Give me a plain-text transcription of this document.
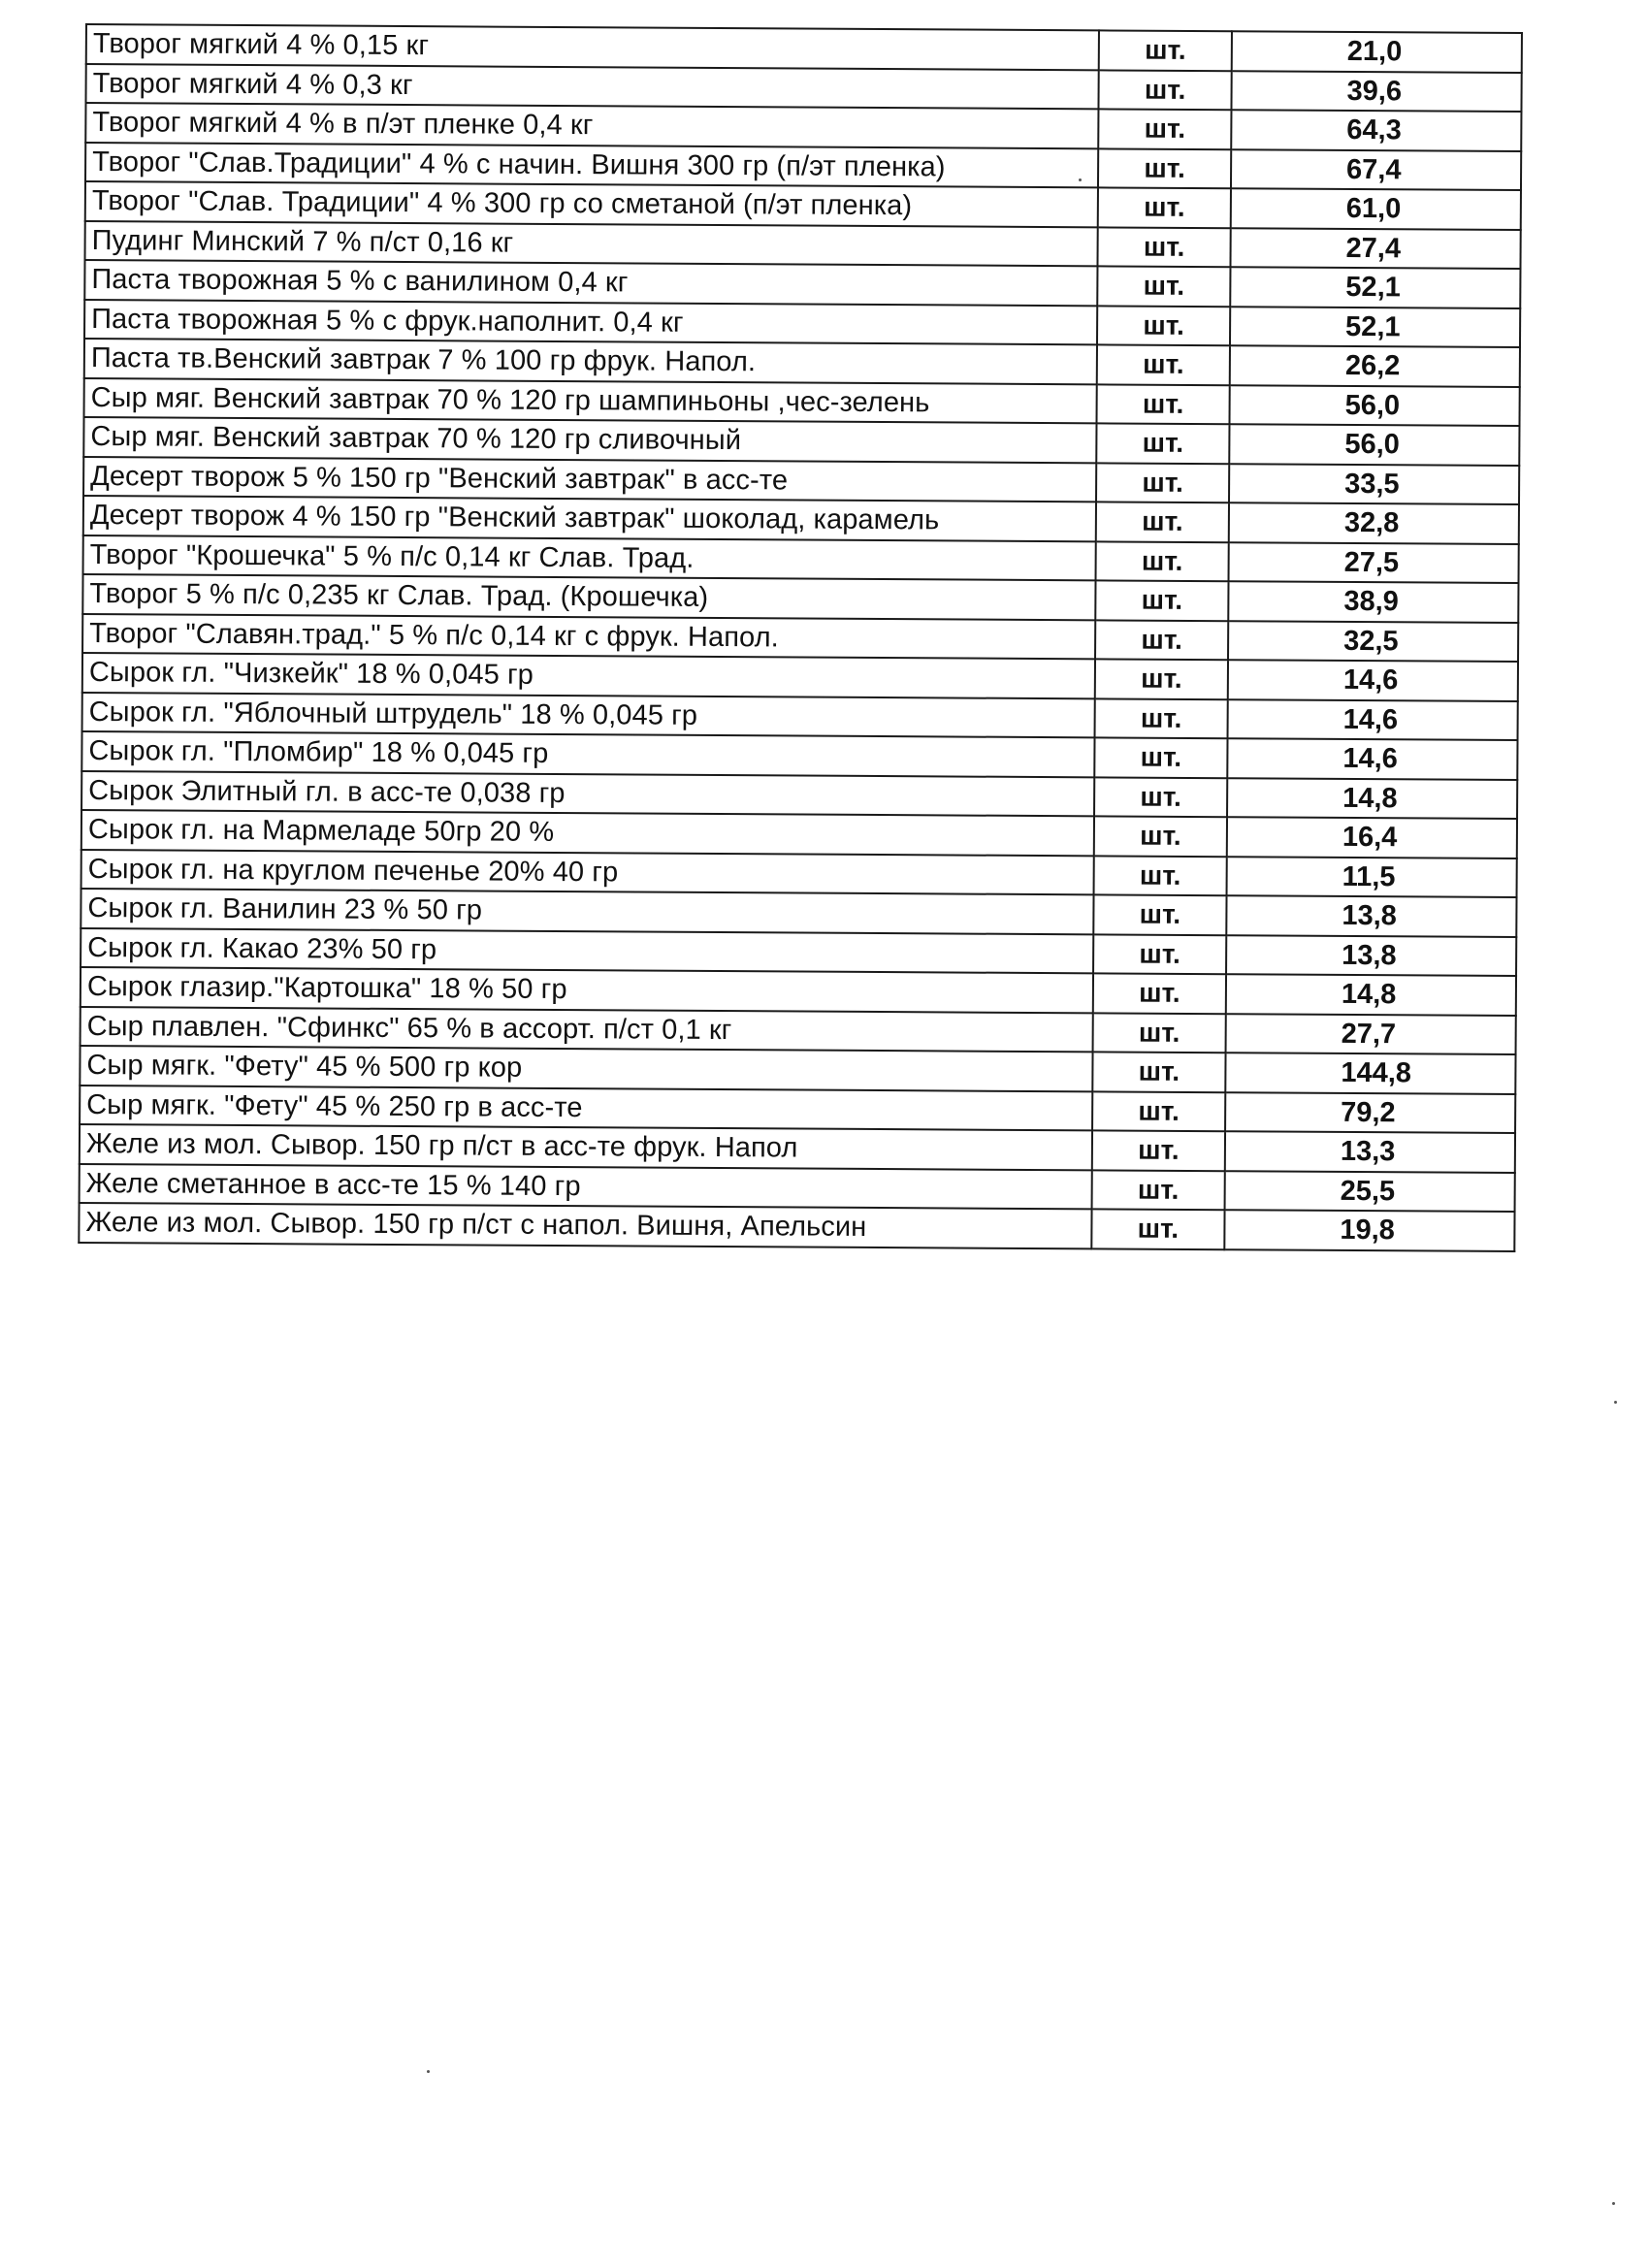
Творог мягкий 4 % 0,15 кг	шт.	21,0
Творог мягкий 4 % 0,3 кг	шт.	39,6
Творог мягкий 4 % в п/эт пленке 0,4 кг	шт.	64,3
Творог "Слав.Традиции" 4 % с начин. Вишня 300 гр (п/эт пленка)	шт.	67,4
Творог "Слав. Традиции" 4 % 300 гр со сметаной (п/эт пленка)	шт.	61,0
Пудинг Минский 7 % п/ст 0,16 кг	шт.	27,4
Паста творожная 5 % с ванилином 0,4 кг	шт.	52,1
Паста творожная 5 % с фрук.наполнит. 0,4 кг	шт.	52,1
Паста тв.Венский завтрак 7 % 100 гр фрук. Напол.	шт.	26,2
Сыр мяг. Венский завтрак 70 % 120 гр шампиньоны ,чес-зелень	шт.	56,0
Сыр мяг. Венский завтрак 70 % 120 гр сливочный	шт.	56,0
Десерт творож 5 % 150 гр "Венский завтрак" в асс-те	шт.	33,5
Десерт творож 4 % 150 гр "Венский завтрак" шоколад, карамель	шт.	32,8
Творог "Крошечка" 5 % п/с 0,14 кг Слав. Трад.	шт.	27,5
Творог 5 % п/с 0,235 кг Слав. Трад. (Крошечка)	шт.	38,9
Творог "Славян.трад." 5 % п/с 0,14 кг с фрук. Напол.	шт.	32,5
Сырок гл. "Чизкейк" 18 % 0,045 гр	шт.	14,6
Сырок гл. "Яблочный штрудель" 18 % 0,045 гр	шт.	14,6
Сырок гл. "Пломбир" 18 % 0,045 гр	шт.	14,6
Сырок Элитный гл. в асс-те 0,038 гр	шт.	14,8
Сырок гл. на Мармеладе 50гр 20 %	шт.	16,4
Сырок гл. на круглом печенье 20% 40 гр	шт.	11,5
Сырок гл. Ванилин 23 % 50 гр	шт.	13,8
Сырок гл. Какао 23% 50 гр	шт.	13,8
Сырок глазир."Картошка" 18 % 50 гр	шт.	14,8
Сыр плавлен. "Сфинкс" 65 % в ассорт. п/ст 0,1 кг	шт.	27,7
Сыр мягк. "Фету" 45 % 500 гр кор	шт.	144,8
Сыр мягк. "Фету" 45 % 250 гр в асс-те	шт.	79,2
Желе из мол. Сывор. 150 гр п/ст в асс-те фрук. Напол	шт.	13,3
Желе сметанное в асс-те 15 % 140 гр	шт.	25,5
Желе из мол. Сывор. 150 гр п/ст с напол. Вишня, Апельсин	шт.	19,8
